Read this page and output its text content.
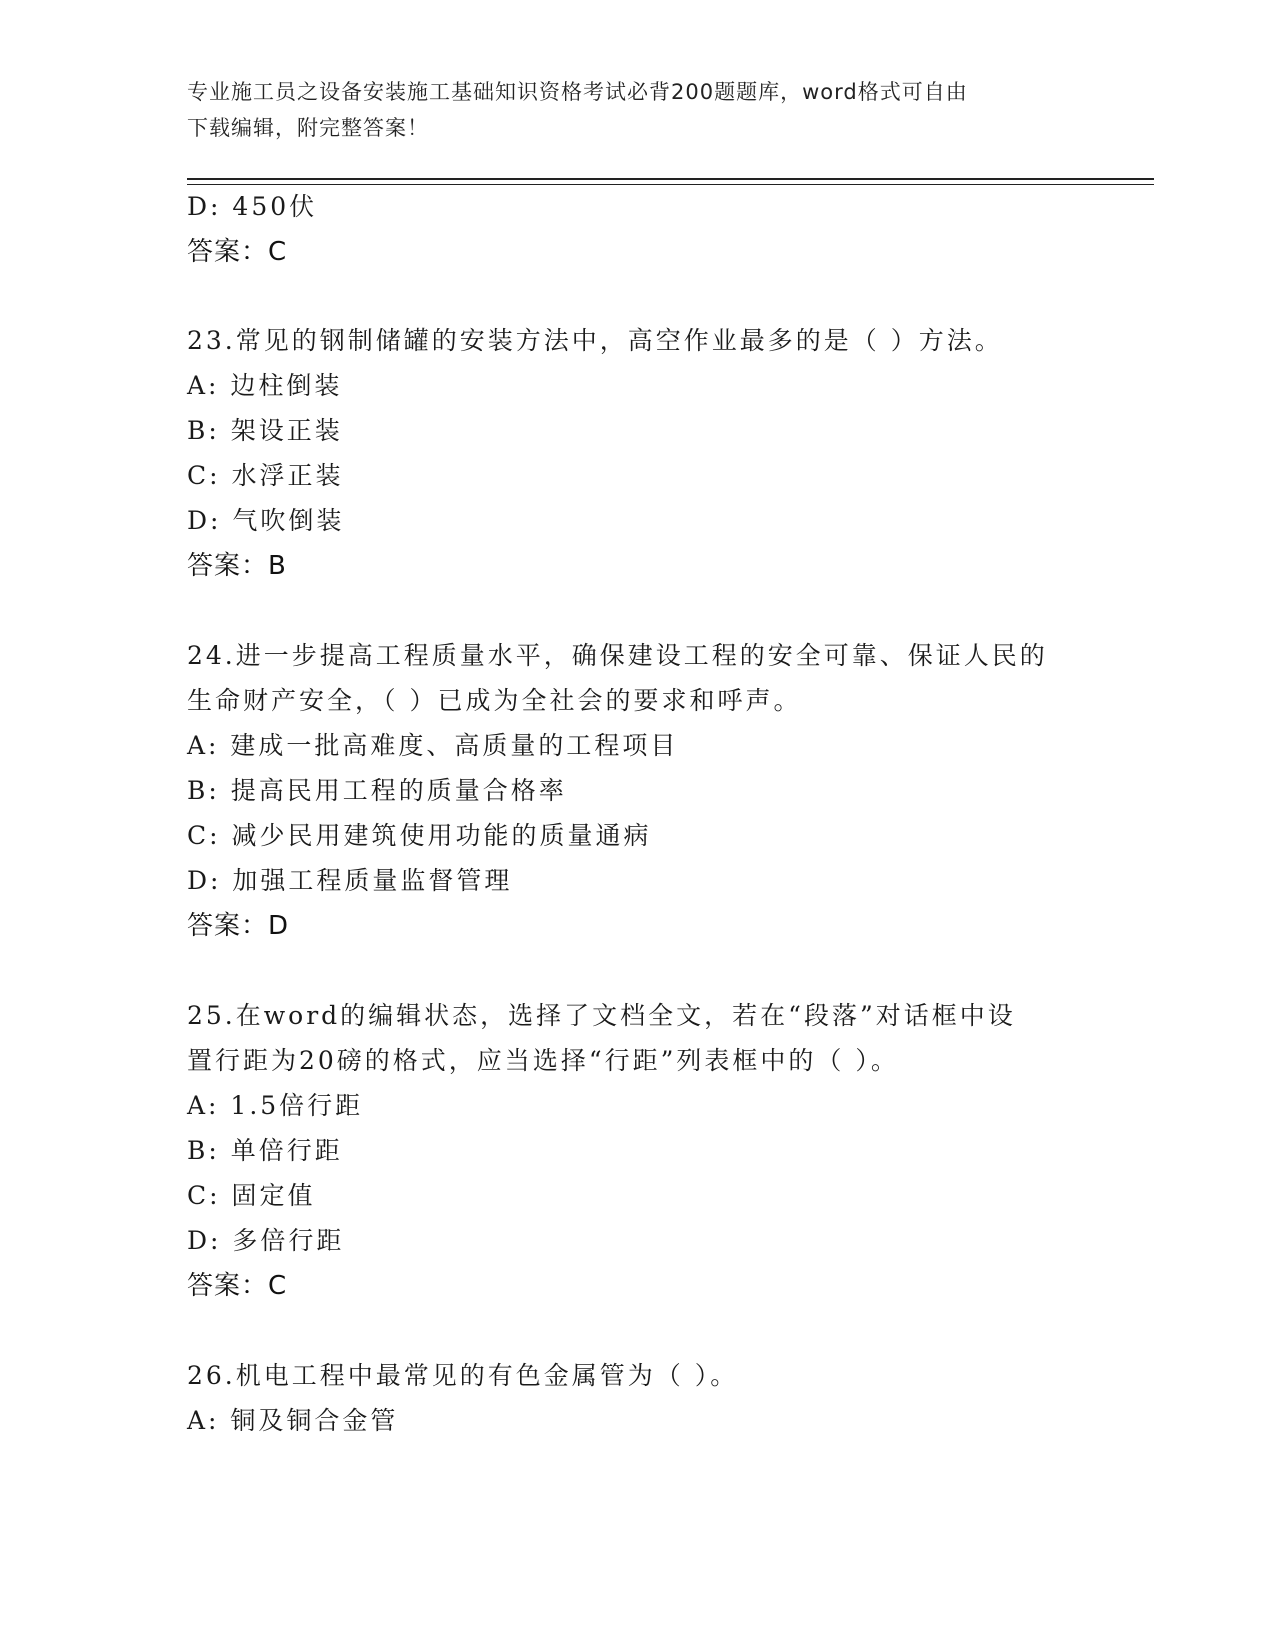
专业施工员之设备安装施工基础知识资格考试必背200题题库，word格式可自由
下载编辑，附完整答案！
D: 450伏
答案：C
23.常见的钢制储罐的安装方法中，高空作业最多的是（ ）方法。
A: 边柱倒装
B: 架设正装
C: 水浮正装
D: 气吹倒装
答案：B
24.进一步提高工程质量水平，确保建设工程的安全可靠、保证人民的
生命财产安全，（ ）已成为全社会的要求和呼声。
A: 建成一批高难度、高质量的工程项目
B: 提高民用工程的质量合格率
C: 减少民用建筑使用功能的质量通病
D: 加强工程质量监督管理
答案：D
25.在word的编辑状态，选择了文档全文，若在“段落”对话框中设
置行距为20磅的格式，应当选择“行距”列表框中的（ ）。
A: 1.5倍行距
B: 单倍行距
C: 固定值
D: 多倍行距
答案：C
26.机电工程中最常见的有色金属管为（ ）。
A: 铜及铜合金管
